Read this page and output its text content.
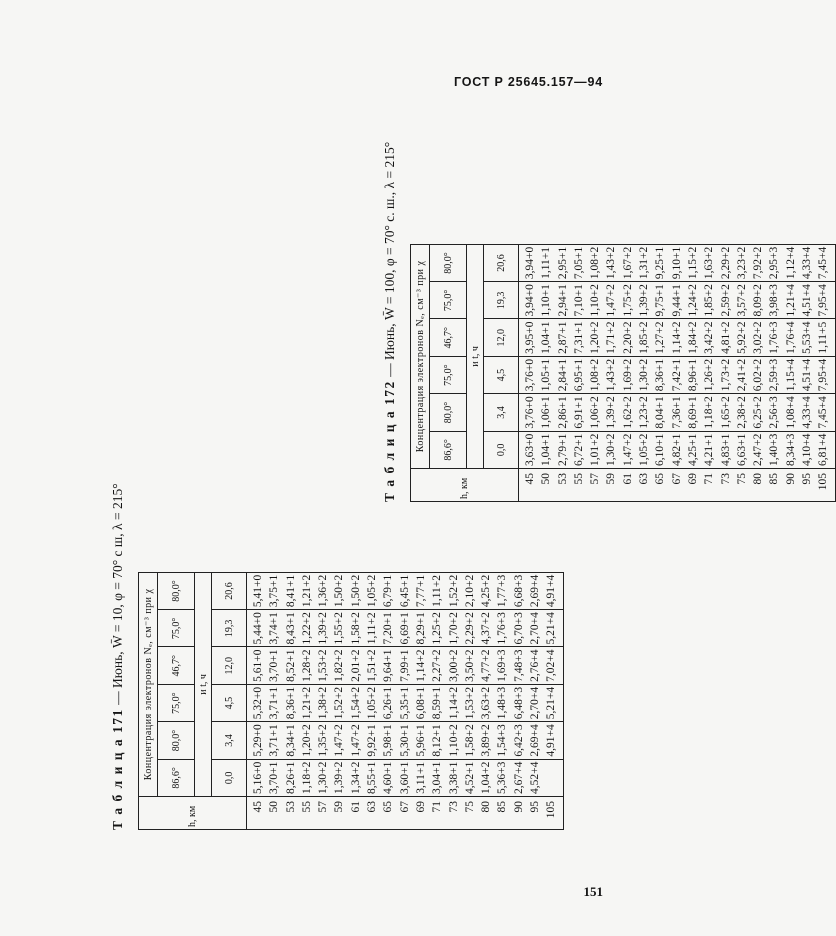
ГОСТ Р 25645.157—94
Т а б л и ц а 171 — Июнь, W̄ = 10, φ = 70° с ш, λ = 215°
h, км	Концентрация электронов Nₑ, см⁻³ при χ					
	86,6°	80,0°	75,0°	46,7°	75,0°	80,0°
	и t, ч					
	0,0	3,4	4,5	12,0	19,3	20,6
45	5,16+0	5,29+0	5,32+0	5,61+0	5,44+0	5,41+0
50	3,70+1	3,71+1	3,71+1	3,70+1	3,74+1	3,75+1
53	8,26+1	8,34+1	8,36+1	8,52+1	8,43+1	8,41+1
55	1,18+2	1,20+2	1,21+2	1,28+2	1,22+2	1,21+2
57	1,30+2	1,35+2	1,38+2	1,53+2	1,39+2	1,36+2
59	1,39+2	1,47+2	1,52+2	1,82+2	1,55+2	1,50+2
61	1,34+2	1,47+2	1,54+2	2,01+2	1,58+2	1,50+2
63	8,55+1	9,92+1	1,05+2	1,51+2	1,11+2	1,05+2
65	4,60+1	5,98+1	6,26+1	9,64+1	7,20+1	6,79+1
67	3,60+1	5,30+1	5,35+1	7,99+1	6,69+1	6,45+1
69	3,11+1	5,96+1	6,08+1	1,14+2	8,29+1	7,77+1
71	3,04+1	8,12+1	8,59+1	2,27+2	1,25+2	1,11+2
73	3,38+1	1,10+2	1,14+2	3,00+2	1,70+2	1,52+2
75	4,52+1	1,58+2	1,53+2	3,50+2	2,29+2	2,10+2
80	1,04+2	3,89+2	3,63+2	4,77+2	4,37+2	4,25+2
85	5,36+3	1,54+3	1,48+3	1,69+3	1,76+3	1,77+3
90	2,67+4	6,42+3	6,48+3	7,48+3	6,70+3	6,68+3
95	4,52+4	2,69+4	2,70+4	2,76+4	2,70+4	2,69+4
105		4,91+4	5,21+4	7,02+4	5,21+4	4,91+4
Т а б л и ц а 172 — Июнь, W̄ = 100, φ = 70° с. ш., λ = 215°
h, км	Концентрация электронов Nₑ, см⁻³ при χ					
	86,6°	80,0°	75,0°	46,7°	75,0°	80,0°
	и t, ч					
	0,0	3,4	4,5	12,0	19,3	20,6
45	3,63+0	3,76+0	3,76+0	3,95+0	3,94+0	3,94+0
50	1,04+1	1,06+1	1,05+1	1,04+1	1,10+1	1,11+1
53	2,79+1	2,86+1	2,84+1	2,87+1	2,94+1	2,95+1
55	6,72+1	6,91+1	6,95+1	7,31+1	7,10+1	7,05+1
57	1,01+2	1,06+2	1,08+2	1,20+2	1,10+2	1,08+2
59	1,30+2	1,39+2	1,43+2	1,71+2	1,47+2	1,43+2
61	1,47+2	1,62+2	1,69+2	2,20+2	1,75+2	1,67+2
63	1,05+2	1,23+2	1,30+2	1,85+2	1,39+2	1,31+2
65	6,10+1	8,04+1	8,36+1	1,27+2	9,75+1	9,25+1
67	4,82+1	7,36+1	7,42+1	1,14+2	9,44+1	9,10+1
69	4,25+1	8,69+1	8,96+1	1,84+2	1,24+2	1,15+2
71	4,21+1	1,18+2	1,26+2	3,42+2	1,85+2	1,63+2
73	4,83+1	1,65+2	1,73+2	4,81+2	2,59+2	2,29+2
75	6,63+1	2,38+2	2,41+2	5,92+2	3,57+2	3,23+2
80	2,47+2	6,25+2	6,02+2	3,02+2	8,09+2	7,92+2
85	1,40+3	2,56+3	2,59+3	1,76+3	3,98+3	2,95+3
90	8,34+3	1,08+4	1,15+4	1,76+4	1,21+4	1,12+4
95	4,10+4	4,33+4	4,51+4	5,53+4	4,51+4	4,33+4
105	6,81+4	7,45+4	7,95+4	1,11+5	7,95+4	7,45+4
151
